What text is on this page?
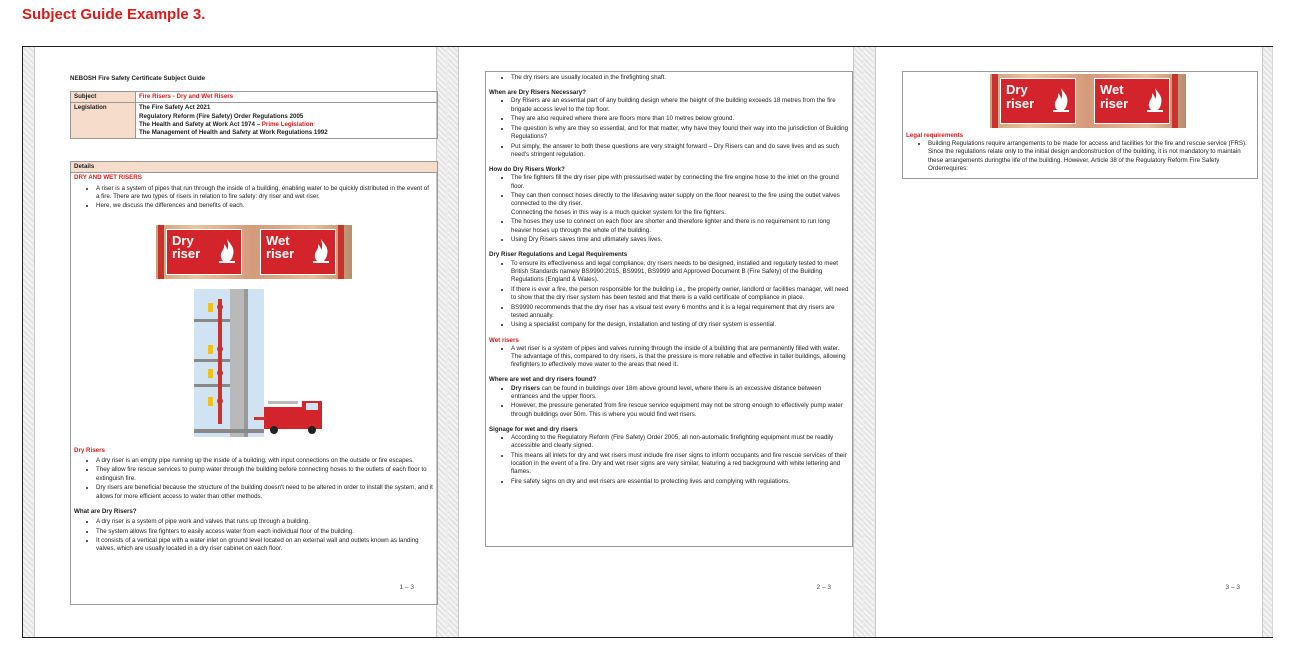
Subject Guide Example 3.
NEBOSH Fire Safety Certificate Subject Guide
Subject	Fire Risers - Dry and Wet Risers
Legislation	The Fire Safety Act 2021
Regulatory Reform (Fire Safety) Order Regulations 2005
The Health and Safety at Work Act 1974 – Prime Legislation
The Management of Health and Safety at Work Regulations 1992
Details
DRY AND WET RISERS
• A riser is a system of pipes that run through the inside of a building, enabling water to be quickly distributed in the event of a fire. There are two types of risers in relation to fire safety: dry riser and wet riser.
• Here, we discuss the differences and benefits of each.
Dry
riser
Wet
riser
Dry Risers
• A dry riser is an empty pipe running up the inside of a building, with input connections on the outside or fire escapes.
• They allow fire rescue services to pump water through the building before connecting hoses to the outlets of each floor to extinguish fire.
• Dry risers are beneficial because the structure of the building doesn't need to be altered in order to install the system, and it allows for more efficient access to water than other methods.
What are Dry Risers?
• A dry riser is a system of pipe work and valves that runs up through a building.
• The system allows fire fighters to easily access water from each individual floor of the building.
• It consists of a vertical pipe with a water inlet on ground level located on an external wall and outlets known as landing valves, which are usually located in a dry riser cabinet on each floor.
1 – 3
• The dry risers are usually located in the firefighting shaft.
When are Dry Risers Necessary?
• Dry Risers are an essential part of any building design where the height of the building exceeds 18 metres from the fire brigade access level to the top floor.
• They are also required where there are floors more than 10 metres below ground.
• The question is why are they so essential, and for that matter, why have they found their way into the jurisdiction of Building Regulations?
• Put simply, the answer to both these questions are very straight forward – Dry Risers can and do save lives and as such need's stringent regulation.
How do Dry Risers Work?
• The fire fighters fill the dry riser pipe with pressurised water by connecting the fire engine hose to the inlet on the ground floor.
• They can then connect hoses directly to the lifesaving water supply on the floor nearest to the fire using the outlet valves connected to the dry riser.
Connecting the hoses in this way is a much quicker system for the fire fighters.
• The hoses they use to connect on each floor are shorter and therefore lighter and there is no requirement to run long heavier hoses up through the whole of the building.
• Using Dry Risers saves time and ultimately saves lives.
Dry Riser Regulations and Legal Requirements
• To ensure its effectiveness and legal compliance, dry risers needs to be designed, installed and regularly tested to meet British Standards namely BS9990:2015, BS9991, BS9999 and Approved Document B (Fire Safety) of the Building Regulations (England & Wales).
• If there is ever a fire, the person responsible for the building i.e., the property owner, landlord or facilities manager, will need to show that the dry riser system has been tested and that there is a valid certificate of compliance in place.
• BS9990 recommends that the dry riser has a visual test every 6 months and it is a legal requirement that dry risers are tested annually.
• Using a specialist company for the design, installation and testing of dry riser system is essential.
Wet risers
• A wet riser is a system of pipes and valves running through the inside of a building that are permanently filled with water. The advantage of this, compared to dry risers, is that the pressure is more reliable and effective in taller buildings, allowing firefighters to effectively move water to the areas that need it.
Where are wet and dry risers found?
• Dry risers can be found in buildings over 18m above ground level, where there is an excessive distance between entrances and the upper floors.
• However, the pressure generated from fire rescue service equipment may not be strong enough to effectively pump water through buildings over 50m. This is where you would find wet risers.
Signage for wet and dry risers
• According to the Regulatory Reform (Fire Safety) Order 2005, all non-automatic firefighting equipment must be readily accessible and clearly signed.
• This means all inlets for dry and wet risers must include fire riser signs to inform occupants and fire rescue services of their location in the event of a fire. Dry and wet riser signs are very similar, featuring a red background with white lettering and flames.
• Fire safety signs on dry and wet risers are essential to protecting lives and complying with regulations.
2 – 3
Dry
riser
Wet
riser
Legal requirements
• Building Regulations require arrangements to be made for access and facilities for the fire and rescue service (FRS). Since the regulations relate only to the initial design andconstruction of the building, it is not mandatory to maintain these arrangements duringthe life of the building. However, Article 38 of the Regulatory Reform Fire Safety Orderrequires:
3 – 3
